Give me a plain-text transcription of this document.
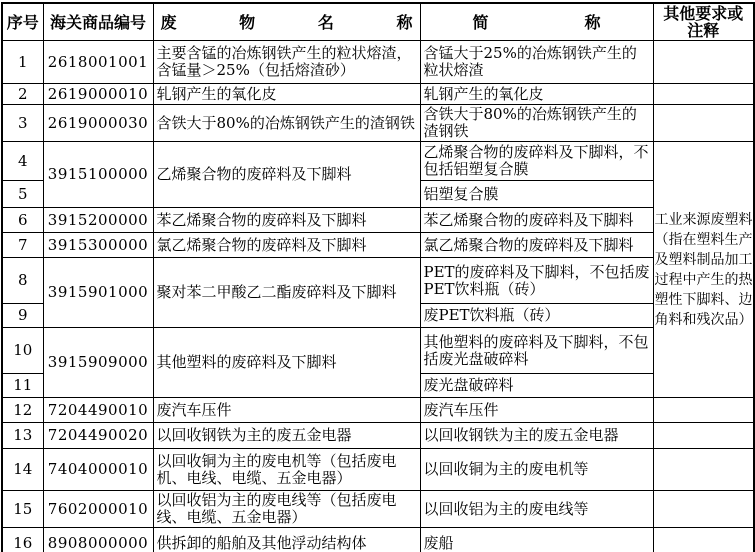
序号	海关商品编号	废 物 名 称	简 称	其他要求或注释
1	2618001001	主要含锰的冶炼钢铁产生的粒状熔渣，含锰量＞25%（包括熔渣砂）	含锰大于25%的冶炼钢铁产生的粒状熔渣	
2	2619000010	轧钢产生的氧化皮	轧钢产生的氧化皮	
3	2619000030	含铁大于80%的冶炼钢铁产生的渣钢铁	含铁大于80%的冶炼钢铁产生的渣钢铁	
4	3915100000	乙烯聚合物的废碎料及下脚料	乙烯聚合物的废碎料及下脚料，不包括铝塑复合膜	工业来源废塑料（指在塑料生产及塑料制品加工过程中产生的热塑性下脚料、边角料和残次品）
5			铝塑复合膜	
6	3915200000	苯乙烯聚合物的废碎料及下脚料	苯乙烯聚合物的废碎料及下脚料	
7	3915300000	氯乙烯聚合物的废碎料及下脚料	氯乙烯聚合物的废碎料及下脚料	
8	3915901000	聚对苯二甲酸乙二酯废碎料及下脚料	PET的废碎料及下脚料，不包括废PET饮料瓶（砖）	
9			废PET饮料瓶（砖）	
10	3915909000	其他塑料的废碎料及下脚料	其他塑料的废碎料及下脚料，不包括废光盘破碎料	
11			废光盘破碎料	
12	7204490010	废汽车压件	废汽车压件	
13	7204490020	以回收钢铁为主的废五金电器	以回收钢铁为主的废五金电器	
14	7404000010	以回收铜为主的废电机等（包括废电机、电线、电缆、五金电器）	以回收铜为主的废电机等	
15	7602000010	以回收铝为主的废电线等（包括废电线、电缆、五金电器）	以回收铝为主的废电线等	
16	8908000000	供拆卸的船舶及其他浮动结构体	废船	
